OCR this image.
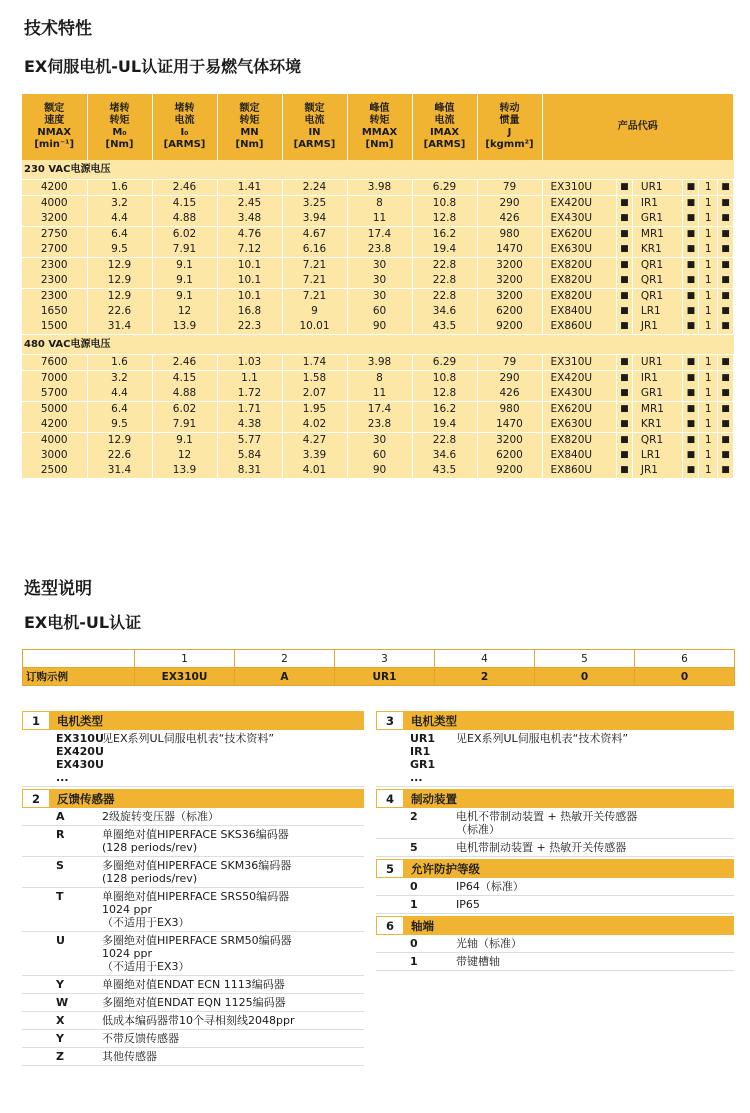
技术特性
EX伺服电机-UL认证用于易燃气体环境
额定
速度
NMAX
[min⁻¹]	堵转
转矩
M₀
[Nm]	堵转
电流
I₀
[ARMS]	额定
转矩
MN
[Nm]	额定
电流
IN
[ARMS]	峰值
转矩
MMAX
[Nm]	峰值
电流
IMAX
[ARMS]	转动
惯量
J
[kgmm²]	产品代码					
230 VAC电源电压													
4200	1.6	2.46	1.41	2.24	3.98	6.29	79	EX310U	■	UR1	■	1	■
4000	3.2	4.15	2.45	3.25	8	10.8	290	EX420U	■	IR1	■	1	■
3200	4.4	4.88	3.48	3.94	11	12.8	426	EX430U	■	GR1	■	1	■
2750	6.4	6.02	4.76	4.67	17.4	16.2	980	EX620U	■	MR1	■	1	■
2700	9.5	7.91	7.12	6.16	23.8	19.4	1470	EX630U	■	KR1	■	1	■
2300	12.9	9.1	10.1	7.21	30	22.8	3200	EX820U	■	QR1	■	1	■
2300	12.9	9.1	10.1	7.21	30	22.8	3200	EX820U	■	QR1	■	1	■
2300	12.9	9.1	10.1	7.21	30	22.8	3200	EX820U	■	QR1	■	1	■
1650	22.6	12	16.8	9	60	34.6	6200	EX840U	■	LR1	■	1	■
1500	31.4	13.9	22.3	10.01	90	43.5	9200	EX860U	■	JR1	■	1	■
480 VAC电源电压													
7600	1.6	2.46	1.03	1.74	3.98	6.29	79	EX310U	■	UR1	■	1	■
7000	3.2	4.15	1.1	1.58	8	10.8	290	EX420U	■	IR1	■	1	■
5700	4.4	4.88	1.72	2.07	11	12.8	426	EX430U	■	GR1	■	1	■
5000	6.4	6.02	1.71	1.95	17.4	16.2	980	EX620U	■	MR1	■	1	■
4200	9.5	7.91	4.38	4.02	23.8	19.4	1470	EX630U	■	KR1	■	1	■
4000	12.9	9.1	5.77	4.27	30	22.8	3200	EX820U	■	QR1	■	1	■
3000	22.6	12	5.84	3.39	60	34.6	6200	EX840U	■	LR1	■	1	■
2500	31.4	13.9	8.31	4.01	90	43.5	9200	EX860U	■	JR1	■	1	■
选型说明
EX电机-UL认证
	1	2	3	4	5	6
订购示例	EX310U	A	UR1	2	0	0
1	电机类型
EX310U
EX420U
EX430U
...
见EX系列UL伺服电机表“技术资料”
2	反馈传感器
A	2级旋转变压器（标准）
R	单圈绝对值HIPERFACE SKS36编码器
(128 periods/rev)
S	多圈绝对值HIPERFACE SKM36编码器
(128 periods/rev)
T	单圈绝对值HIPERFACE SRS50编码器
1024 ppr
（不适用于EX3）
U	多圈绝对值HIPERFACE SRM50编码器
1024 ppr
（不适用于EX3）
Y	单圈绝对值ENDAT ECN 1113编码器
W	多圈绝对值ENDAT EQN 1125编码器
X	低成本编码器带10个寻相刻线2048ppr
Y	不带反馈传感器
Z	其他传感器
3	电机类型
UR1
IR1
GR1
...
见EX系列UL伺服电机表“技术资料”
4	制动装置
2	电机不带制动装置 + 热敏开关传感器
（标准）
5	电机带制动装置 + 热敏开关传感器
5	允许防护等级
0	IP64（标准）
1	IP65
6	轴端
0	光轴（标准）
1	带键槽轴
